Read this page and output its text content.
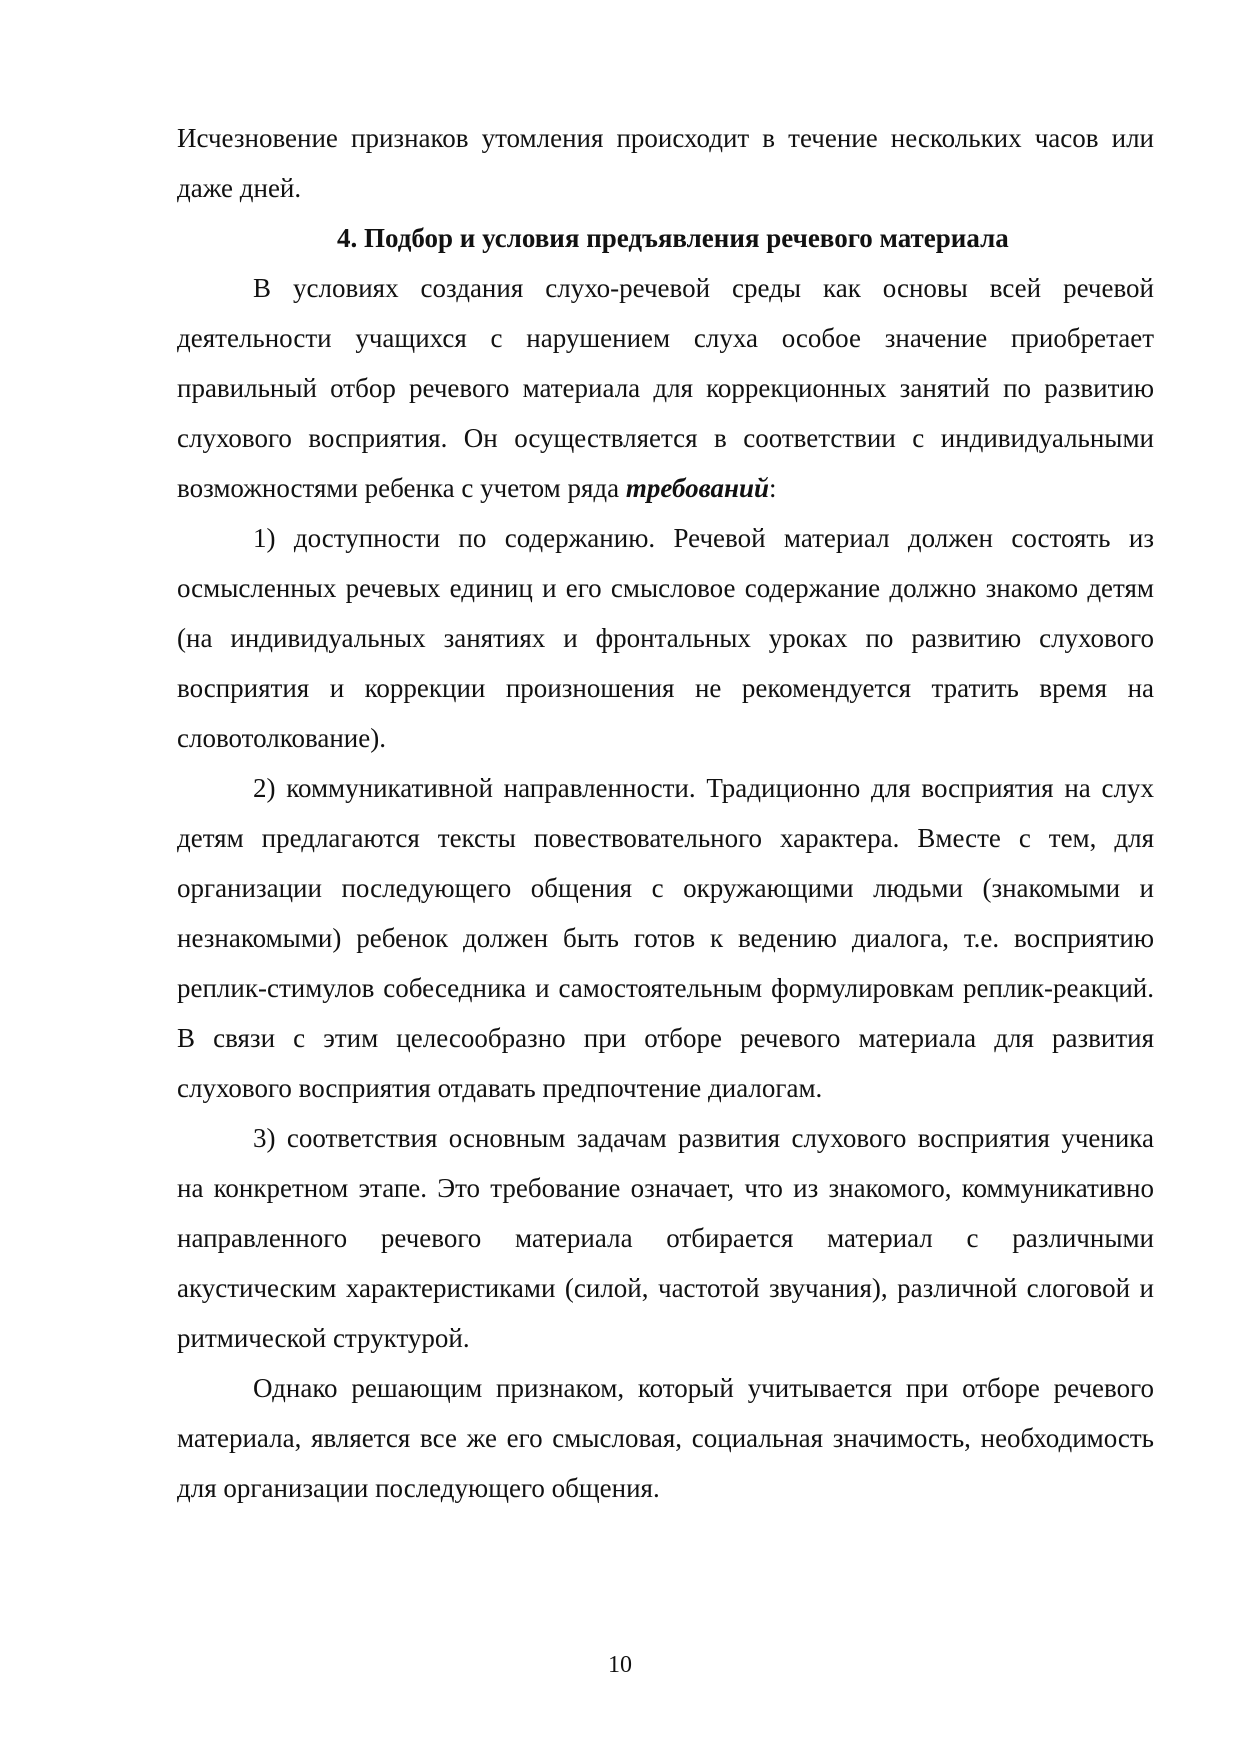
Исчезновение признаков утомления происходит в течение нескольких часов или даже дней.

4. Подбор и условия предъявления речевого материала

В условиях создания слухо-речевой среды как основы всей речевой деятельности учащихся с нарушением слуха особое значение приобретает правильный отбор речевого материала для коррекционных занятий по развитию слухового восприятия. Он осуществляется в соответствии с индивидуальными возможностями ребенка с учетом ряда требований:

1) доступности по содержанию. Речевой материал должен состоять из осмысленных речевых единиц и его смысловое содержание должно знакомо детям (на индивидуальных занятиях и фронтальных уроках по развитию слухового восприятия и коррекции произношения не рекомендуется тратить время на словотолкование).

2) коммуникативной направленности. Традиционно для восприятия на слух детям предлагаются тексты повествовательного характера. Вместе с тем, для организации последующего общения с окружающими людьми (знакомыми и незнакомыми) ребенок должен быть готов к ведению диалога, т.е. восприятию реплик-стимулов собеседника и самостоятельным формулировкам реплик-реакций. В связи с этим целесообразно при отборе речевого материала для развития слухового восприятия отдавать предпочтение диалогам.

3) соответствия основным задачам развития слухового восприятия ученика на конкретном этапе. Это требование означает, что из знакомого, коммуникативно направленного речевого материала отбирается материал с различными акустическим характеристиками (силой, частотой звучания), различной слоговой и ритмической структурой.

Однако решающим признаком, который учитывается при отборе речевого материала, является все же его смысловая, социальная значимость, необходимость для организации последующего общения.

10
